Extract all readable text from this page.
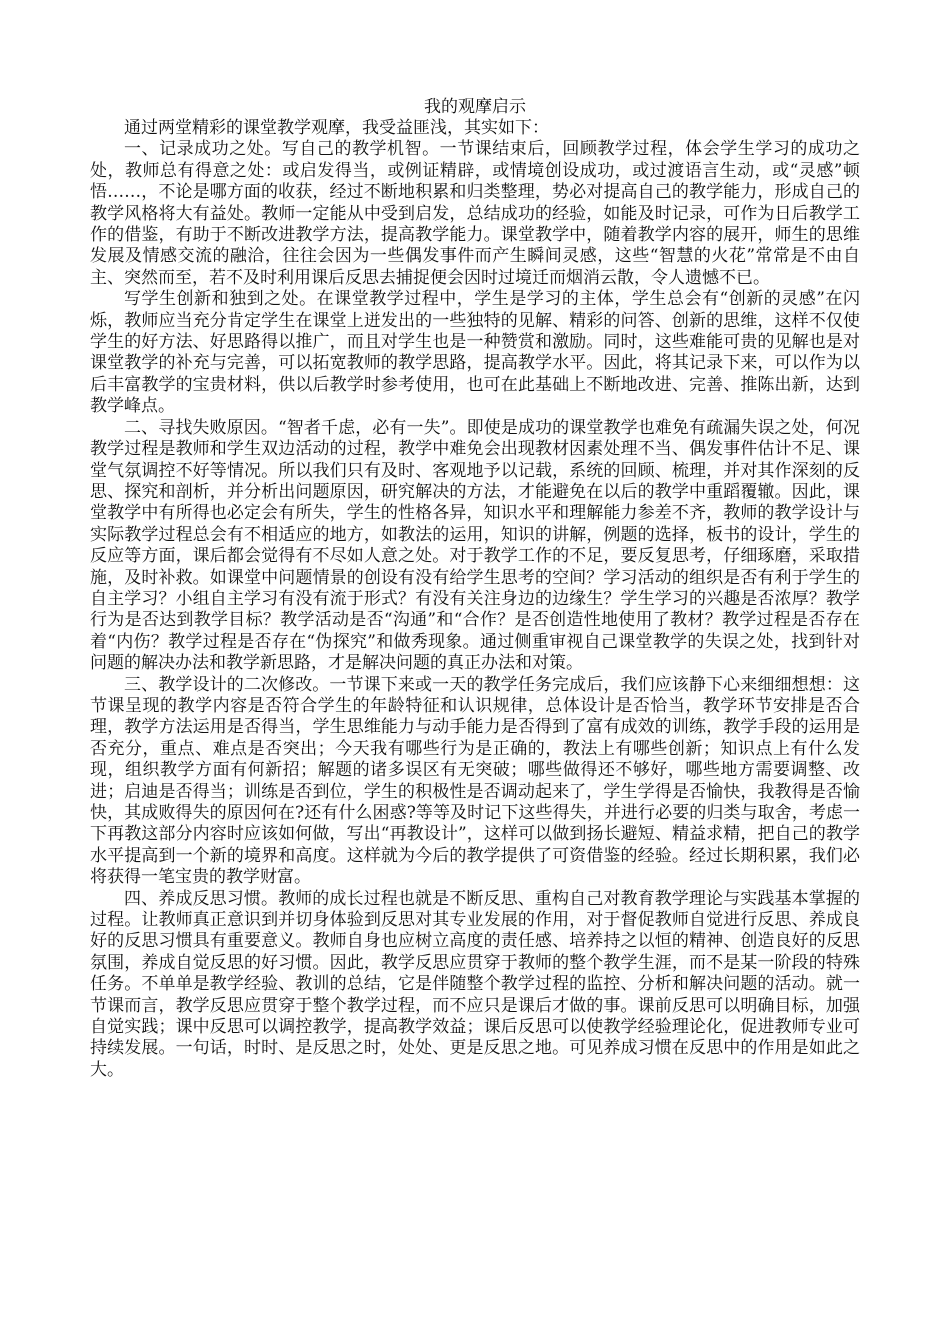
我的观摩启示

通过两堂精彩的课堂教学观摩，我受益匪浅，其实如下：

一、记录成功之处。写自己的教学机智。一节课结束后，回顾教学过程，体会学生学习的成功之处，教师总有得意之处：或启发得当，或例证精辟，或情境创设成功，或过渡语言生动，或“灵感”顿悟……，不论是哪方面的收获，经过不断地积累和归类整理，势必对提高自己的教学能力，形成自己的教学风格将大有益处。教师一定能从中受到启发，总结成功的经验，如能及时记录，可作为日后教学工作的借鉴，有助于不断改进教学方法，提高教学能力。课堂教学中，随着教学内容的展开，师生的思维发展及情感交流的融洽，往往会因为一些偶发事件而产生瞬间灵感，这些“智慧的火花”常常是不由自主、突然而至，若不及时利用课后反思去捕捉便会因时过境迁而烟消云散，令人遗憾不已。

写学生创新和独到之处。在课堂教学过程中，学生是学习的主体，学生总会有“创新的灵感”在闪烁，教师应当充分肯定学生在课堂上迸发出的一些独特的见解、精彩的问答、创新的思维，这样不仅使学生的好方法、好思路得以推广，而且对学生也是一种赞赏和激励。同时，这些难能可贵的见解也是对课堂教学的补充与完善，可以拓宽教师的教学思路，提高教学水平。因此，将其记录下来，可以作为以后丰富教学的宝贵材料，供以后教学时参考使用，也可在此基础上不断地改进、完善、推陈出新，达到教学峰点。

二、寻找失败原因。“智者千虑，必有一失”。即使是成功的课堂教学也难免有疏漏失误之处，何况教学过程是教师和学生双边活动的过程，教学中难免会出现教材因素处理不当、偶发事件估计不足、课堂气氛调控不好等情况。所以我们只有及时、客观地予以记载，系统的回顾、梳理，并对其作深刻的反思、探究和剖析，并分析出问题原因，研究解决的方法，才能避免在以后的教学中重蹈覆辙。因此，课堂教学中有所得也必定会有所失，学生的性格各异，知识水平和理解能力参差不齐，教师的教学设计与实际教学过程总会有不相适应的地方，如教法的运用，知识的讲解，例题的选择，板书的设计，学生的反应等方面，课后都会觉得有不尽如人意之处。对于教学工作的不足，要反复思考，仔细琢磨，采取措施，及时补救。如课堂中问题情景的创设有没有给学生思考的空间？学习活动的组织是否有利于学生的自主学习？小组自主学习有没有流于形式？有没有关注身边的边缘生？学生学习的兴趣是否浓厚？教学行为是否达到教学目标？教学活动是否“沟通”和“合作？是否创造性地使用了教材？教学过程是否存在着“内伤？教学过程是否存在“伪探究”和做秀现象。通过侧重审视自己课堂教学的失误之处，找到针对问题的解决办法和教学新思路，才是解决问题的真正办法和对策。

三、教学设计的二次修改。一节课下来或一天的教学任务完成后，我们应该静下心来细细想想：这节课呈现的教学内容是否符合学生的年龄特征和认识规律，总体设计是否恰当，教学环节安排是否合理，教学方法运用是否得当，学生思维能力与动手能力是否得到了富有成效的训练，教学手段的运用是否充分，重点、难点是否突出；今天我有哪些行为是正确的，教法上有哪些创新；知识点上有什么发现，组织教学方面有何新招；解题的诸多误区有无突破；哪些做得还不够好，哪些地方需要调整、改进；启迪是否得当；训练是否到位，学生的积极性是否调动起来了，学生学得是否愉快，我教得是否愉快，其成败得失的原因何在?还有什么困惑?等等及时记下这些得失，并进行必要的归类与取舍，考虑一下再教这部分内容时应该如何做，写出“再教设计”，这样可以做到扬长避短、精益求精，把自己的教学水平提高到一个新的境界和高度。这样就为今后的教学提供了可资借鉴的经验。经过长期积累，我们必将获得一笔宝贵的教学财富。

四、养成反思习惯。教师的成长过程也就是不断反思、重构自己对教育教学理论与实践基本掌握的过程。让教师真正意识到并切身体验到反思对其专业发展的作用，对于督促教师自觉进行反思、养成良好的反思习惯具有重要意义。教师自身也应树立高度的责任感、培养持之以恒的精神、创造良好的反思氛围，养成自觉反思的好习惯。因此，教学反思应贯穿于教师的整个教学生涯，而不是某一阶段的特殊任务。不单单是教学经验、教训的总结，它是伴随整个教学过程的监控、分析和解决问题的活动。就一节课而言，教学反思应贯穿于整个教学过程，而不应只是课后才做的事。课前反思可以明确目标，加强自觉实践；课中反思可以调控教学，提高教学效益；课后反思可以使教学经验理论化，促进教师专业可持续发展。一句话，时时、是反思之时，处处、更是反思之地。可见养成习惯在反思中的作用是如此之大。
